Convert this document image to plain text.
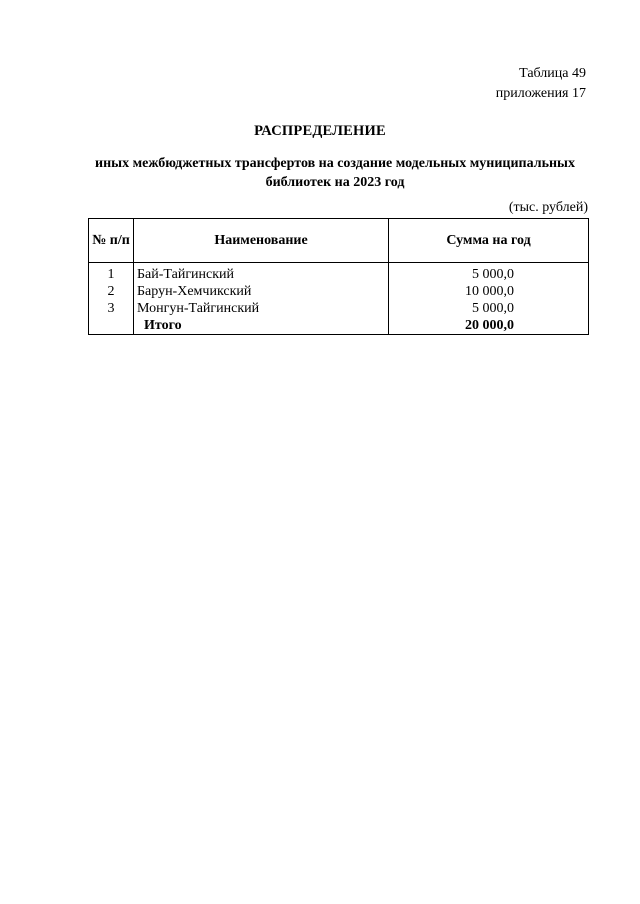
Таблица 49
приложения 17
РАСПРЕДЕЛЕНИЕ
иных межбюджетных трансфертов на создание модельных муниципальных
библиотек на 2023 год
(тыс. рублей)
№ п/п	Наименование	Сумма на год
1	Бай-Тайгинский	5 000,0
2	Барун-Хемчикский	10 000,0
3	Монгун-Тайгинский	5 000,0
	Итого	20 000,0
